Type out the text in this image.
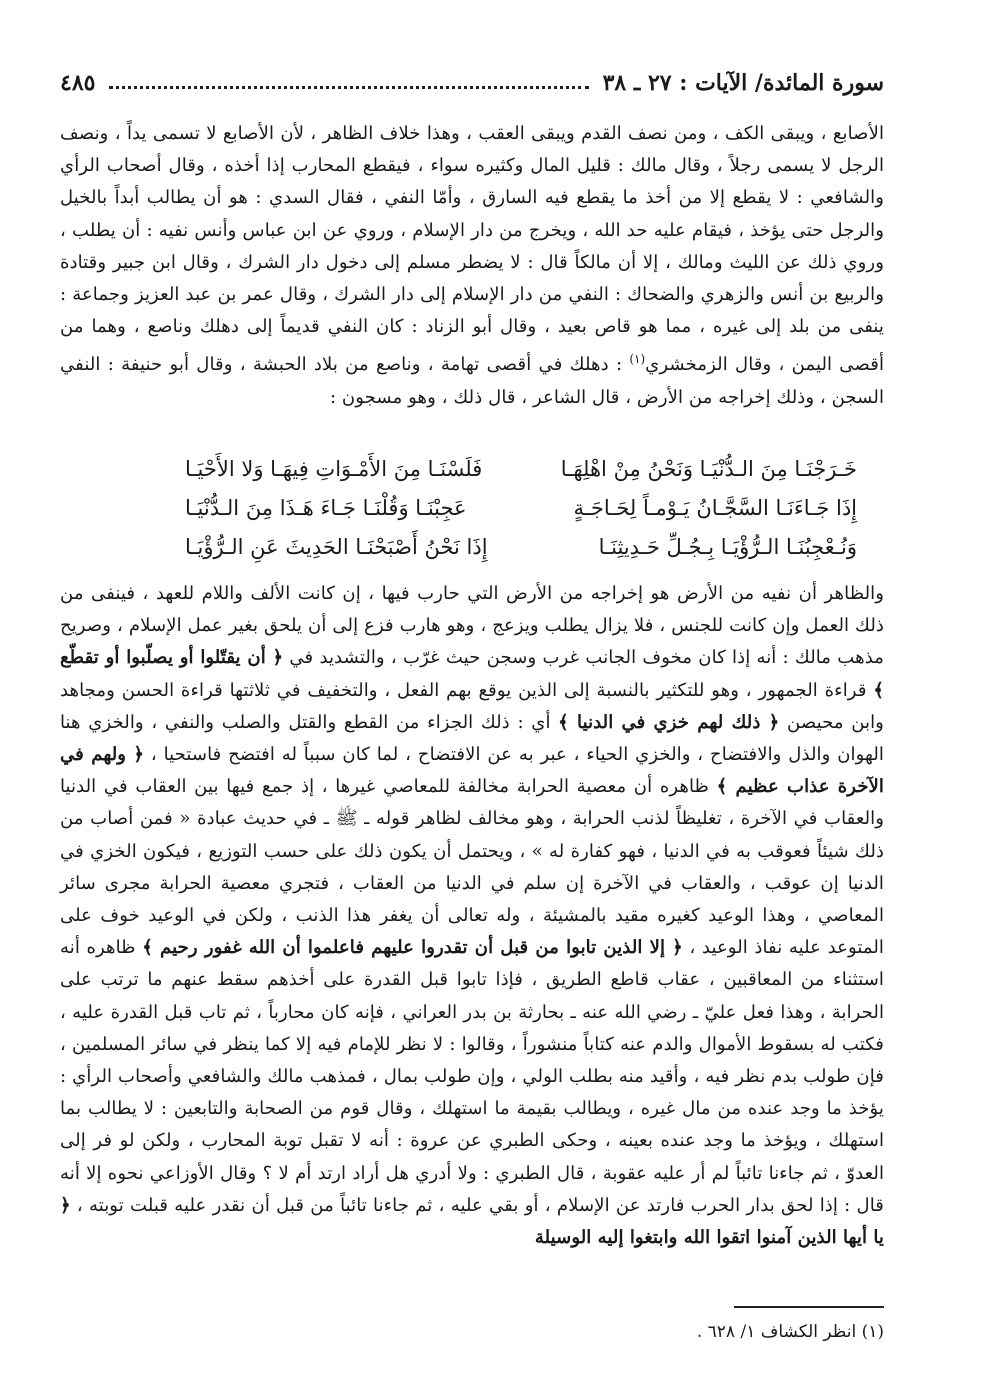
سورة المائدة/ الآيات : ٢٧ ـ ٣٨
٤٨٥

الأصابع ، ويبقى الكف ، ومن نصف القدم ويبقى العقب ، وهذا خلاف الظاهر ، لأن الأصابع لا تسمى يداً ، ونصف الرجل لا يسمى رجلاً ، وقال مالك : قليل المال وكثيره سواء ، فيقطع المحارب إذا أخذه ، وقال أصحاب الرأي والشافعي : لا يقطع إلا من أخذ ما يقطع فيه السارق ، وأمّا النفي ، فقال السدي : هو أن يطالب أبداً بالخيل والرجل حتى يؤخذ ، فيقام عليه حد الله ، ويخرج من دار الإسلام ، وروي عن ابن عباس وأنس نفيه : أن يطلب ، وروي ذلك عن الليث ومالك ، إلا أن مالكاً قال : لا يضطر مسلم إلى دخول دار الشرك ، وقال ابن جبير وقتادة والربيع بن أنس والزهري والضحاك : النفي من دار الإسلام إلى دار الشرك ، وقال عمر بن عبد العزيز وجماعة : ينفى من بلد إلى غيره ، مما هو قاص بعيد ، وقال أبو الزناد : كان النفي قديماً إلى دهلك وناصع ، وهما من أقصى اليمن ، وقال الزمخشري$^{(١)}$ : دهلك في أقصى تهامة ، وناصع من بلاد الحبشة ، وقال أبو حنيفة : النفي السجن ، وذلك إخراجه من الأرض ، قال الشاعر ، قال ذلك ، وهو مسجون :

خَـرَجْنَـا مِنَ الـدُّنْيَـا وَنَحْنُ مِنْ اهْلِهَـا
فَلَسْنَـا مِنَ الأَمْـوَاتِ فِيهَـا وَلا الأَحْيَـا
إِذَا جَـاءَنَـا السَّجَّـانُ يَـوْمـاً لِحَـاجَـةٍ
عَجِبْنَـا وَقُلْنَـا جَـاءَ هَـذَا مِنَ الـدُّنْيَـا
وَنُـعْجِبُنَـا الـرُّؤْيَـا بِـجُـلِّ حَـدِيثِنَـا
إِذَا نَحْنُ أَصْبَحْنَـا الحَدِيثَ عَنِ الـرُّؤْيَـا

والظاهر أن نفيه من الأرض هو إخراجه من الأرض التي حارب فيها ، إن كانت الألف واللام للعهد ، فينفى من ذلك العمل وإن كانت للجنس ، فلا يزال يطلب ويزعج ، وهو هارب فزع إلى أن يلحق بغير عمل الإسلام ، وصريح مذهب مالك : أنه إذا كان مخوف الجانب غرب وسجن حيث غرّب ، والتشديد في ﴿ أن يقتّلوا أو يصلّبوا أو تقطّع ﴾ قراءة الجمهور ، وهو للتكثير بالنسبة إلى الذين يوقع بهم الفعل ، والتخفيف في ثلاثتها قراءة الحسن ومجاهد وابن محيصن ﴿ ذلك لهم خزي في الدنيا ﴾ أي : ذلك الجزاء من القطع والقتل والصلب والنفي ، والخزي هنا الهوان والذل والافتضاح ، والخزي الحياء ، عبر به عن الافتضاح ، لما كان سبباً له افتضح فاستحيا ، ﴿ ولهم في الآخرة عذاب عظيم ﴾ ظاهره أن معصية الحرابة مخالفة للمعاصي غيرها ، إذ جمع فيها بين العقاب في الدنيا والعقاب في الآخرة ، تغليظاً لذنب الحرابة ، وهو مخالف لظاهر قوله ـ ﷺ ـ في حديث عبادة « فمن أصاب من ذلك شيئاً فعوقب به في الدنيا ، فهو كفارة له » ، ويحتمل أن يكون ذلك على حسب التوزيع ، فيكون الخزي في الدنيا إن عوقب ، والعقاب في الآخرة إن سلم في الدنيا من العقاب ، فتجري معصية الحرابة مجرى سائر المعاصي ، وهذا الوعيد كغيره مقيد بالمشيئة ، وله تعالى أن يغفر هذا الذنب ، ولكن في الوعيد خوف على المتوعد عليه نفاذ الوعيد ، ﴿ إلا الذين تابوا من قبل أن تقدروا عليهم فاعلموا أن الله غفور رحيم ﴾ ظاهره أنه استثناء من المعاقبين ، عقاب قاطع الطريق ، فإذا تابوا قبل القدرة على أخذهم سقط عنهم ما ترتب على الحرابة ، وهذا فعل عليّ ـ رضي الله عنه ـ بحارثة بن بدر العراني ، فإنه كان محارباً ، ثم تاب قبل القدرة عليه ، فكتب له بسقوط الأموال والدم عنه كتاباً منشوراً ، وقالوا : لا نظر للإمام فيه إلا كما ينظر في سائر المسلمين ، فإن طولب بدم نظر فيه ، وأقيد منه بطلب الولي ، وإن طولب بمال ، فمذهب مالك والشافعي وأصحاب الرأي : يؤخذ ما وجد عنده من مال غيره ، ويطالب بقيمة ما استهلك ، وقال قوم من الصحابة والتابعين : لا يطالب بما استهلك ، ويؤخذ ما وجد عنده بعينه ، وحكى الطبري عن عروة : أنه لا تقبل توبة المحارب ، ولكن لو فر إلى العدوّ ، ثم جاءنا تائباً لم أر عليه عقوبة ، قال الطبري : ولا أدري هل أراد ارتد أم لا ؟ وقال الأوزاعي نحوه إلا أنه قال : إذا لحق بدار الحرب فارتد عن الإسلام ، أو بقي عليه ، ثم جاءنا تائباً من قبل أن نقدر عليه قبلت توبته ، ﴿ يا أيها الذين آمنوا اتقوا الله وابتغوا إليه الوسيلة

(١) انظر الكشاف ١/ ٦٢٨ .
